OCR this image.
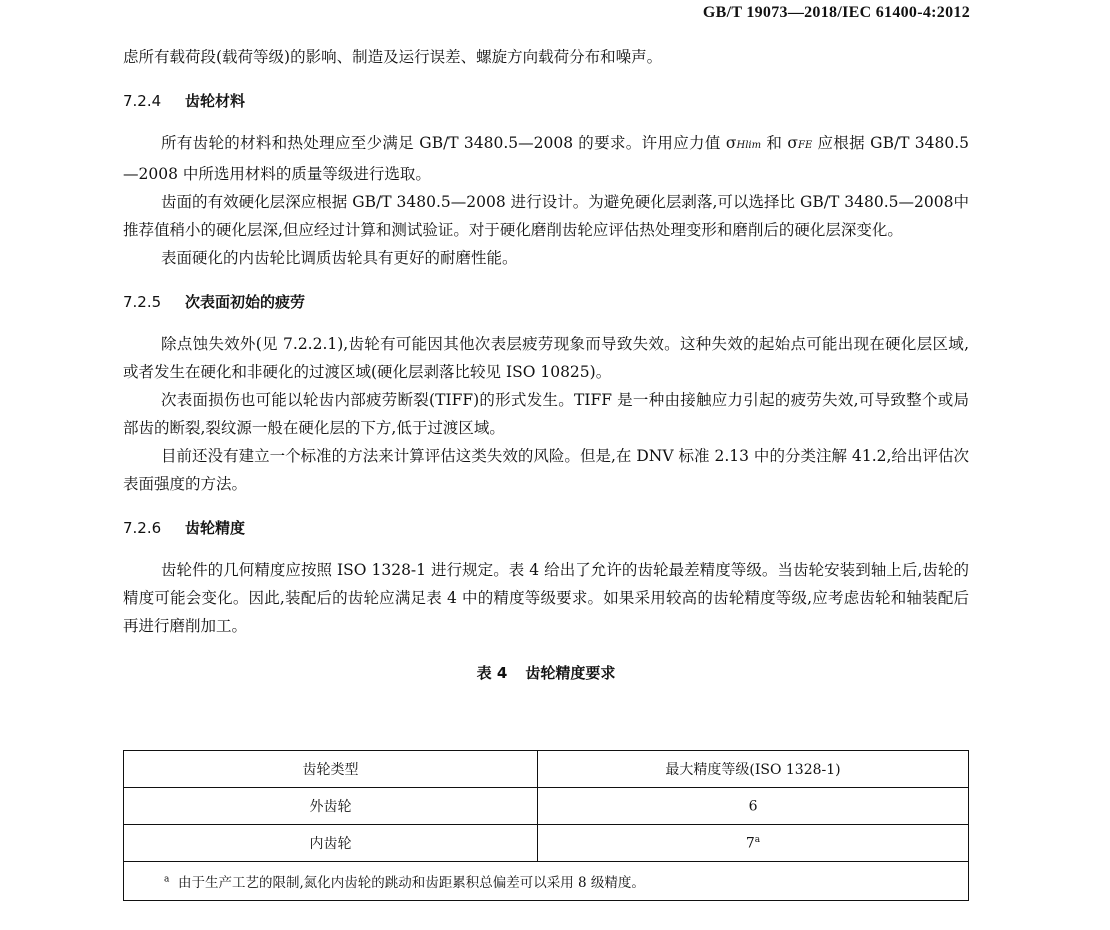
GB/T 19073—2018/IEC 61400-4:2012

虑所有载荷段(载荷等级)的影响、制造及运行误差、螺旋方向载荷分布和噪声。

7.2.4 齿轮材料

所有齿轮的材料和热处理应至少满足 GB/T 3480.5—2008 的要求。许用应力值 σHlim 和 σFE 应根据 GB/T 3480.5—2008 中所选用材料的质量等级进行选取。

齿面的有效硬化层深应根据 GB/T 3480.5—2008 进行设计。为避免硬化层剥落,可以选择比 GB/T 3480.5—2008中推荐值稍小的硬化层深,但应经过计算和测试验证。对于硬化磨削齿轮应评估热处理变形和磨削后的硬化层深变化。

表面硬化的内齿轮比调质齿轮具有更好的耐磨性能。

7.2.5 次表面初始的疲劳

除点蚀失效外(见 7.2.2.1),齿轮有可能因其他次表层疲劳现象而导致失效。这种失效的起始点可能出现在硬化层区域,或者发生在硬化和非硬化的过渡区域(硬化层剥落比较见 ISO 10825)。

次表面损伤也可能以轮齿内部疲劳断裂(TIFF)的形式发生。TIFF 是一种由接触应力引起的疲劳失效,可导致整个或局部齿的断裂,裂纹源一般在硬化层的下方,低于过渡区域。

目前还没有建立一个标准的方法来计算评估这类失效的风险。但是,在 DNV 标准 2.13 中的分类注解 41.2,给出评估次表面强度的方法。

7.2.6 齿轮精度

齿轮件的几何精度应按照 ISO 1328-1 进行规定。表 4 给出了允许的齿轮最差精度等级。当齿轮安装到轴上后,齿轮的精度可能会变化。因此,装配后的齿轮应满足表 4 中的精度等级要求。如果采用较高的齿轮精度等级,应考虑齿轮和轴装配后再进行磨削加工。

表 4 齿轮精度要求
齿轮类型	最大精度等级(ISO 1328-1)
外齿轮	6
内齿轮	7$^a$
$^a$ 由于生产工艺的限制,氮化内齿轮的跳动和齿距累积总偏差可以采用 8 级精度。	
